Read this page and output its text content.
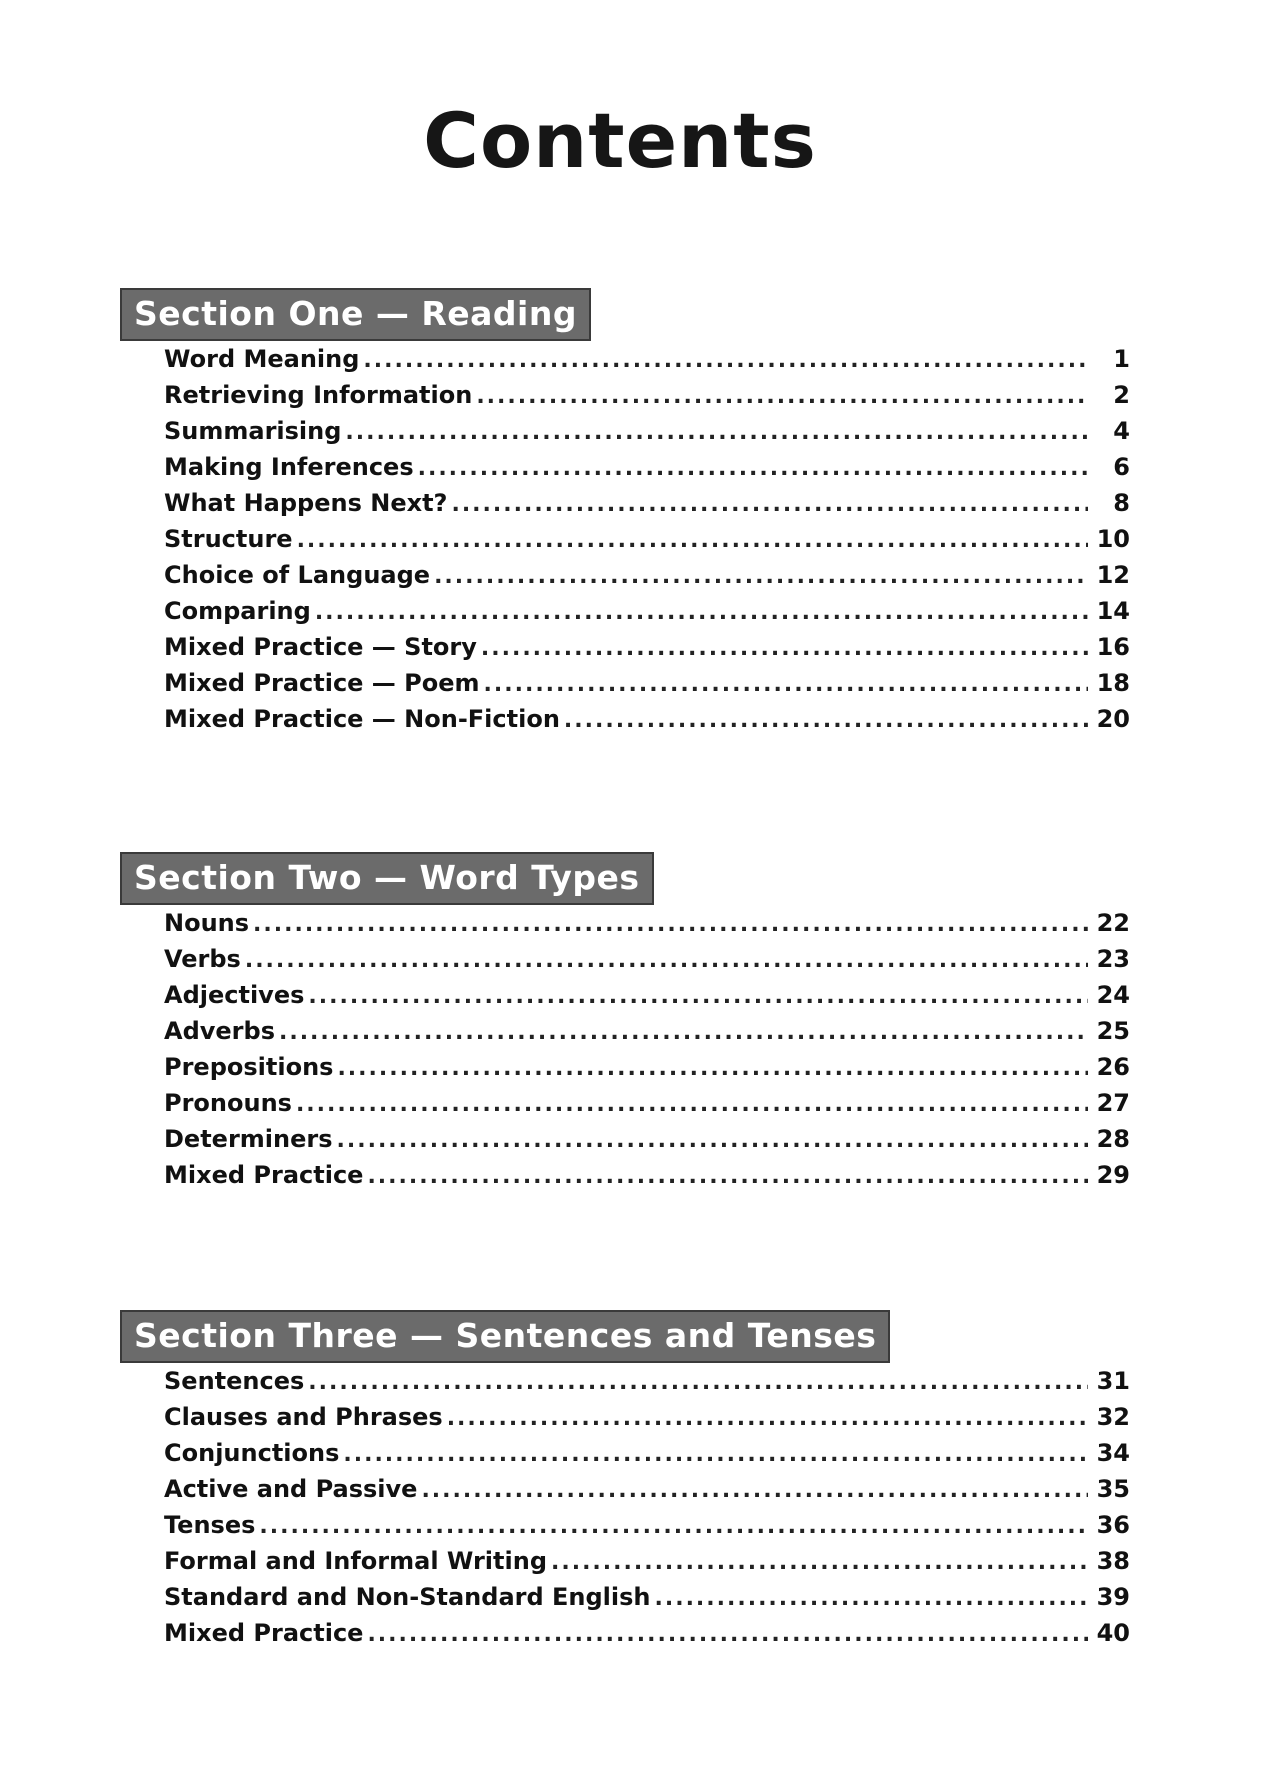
Contents
Section One — Reading
Word Meaning .....	1
Retrieving Information .....	2
Summarising .....	4
Making Inferences .....	6
What Happens Next? .....	8
Structure .....	10
Choice of Language .....	12
Comparing .....	14
Mixed Practice — Story .....	16
Mixed Practice — Poem .....	18
Mixed Practice — Non-Fiction .....	20
Section Two — Word Types
Nouns .....	22
Verbs .....	23
Adjectives .....	24
Adverbs .....	25
Prepositions .....	26
Pronouns .....	27
Determiners .....	28
Mixed Practice .....	29
Section Three — Sentences and Tenses
Sentences .....	31
Clauses and Phrases .....	32
Conjunctions .....	34
Active and Passive .....	35
Tenses .....	36
Formal and Informal Writing .....	38
Standard and Non-Standard English .....	39
Mixed Practice .....	40
